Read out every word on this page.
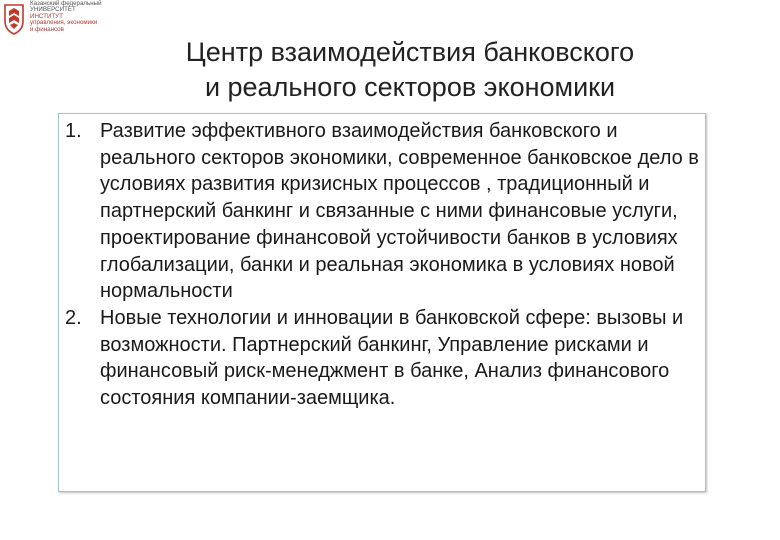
Казанский федеральный
УНИВЕРСИТЕТ
ИНСТИТУТ
управления, экономики
и финансов
Центр взаимодействия банковского
и реального секторов экономики
1. Развитие эффективного взаимодействия банковского и реального секторов экономики, современное банковское дело в условиях развития кризисных процессов , традиционный и партнерский банкинг и связанные с ними финансовые услуги, проектирование финансовой устойчивости банков в условиях глобализации, банки и реальная экономика в условиях новой нормальности
2. Новые технологии и инновации в банковской сфере: вызовы и возможности. Партнерский банкинг, Управление рисками и финансовый риск-менеджмент в банке, Анализ финансового состояния компании-заемщика.
